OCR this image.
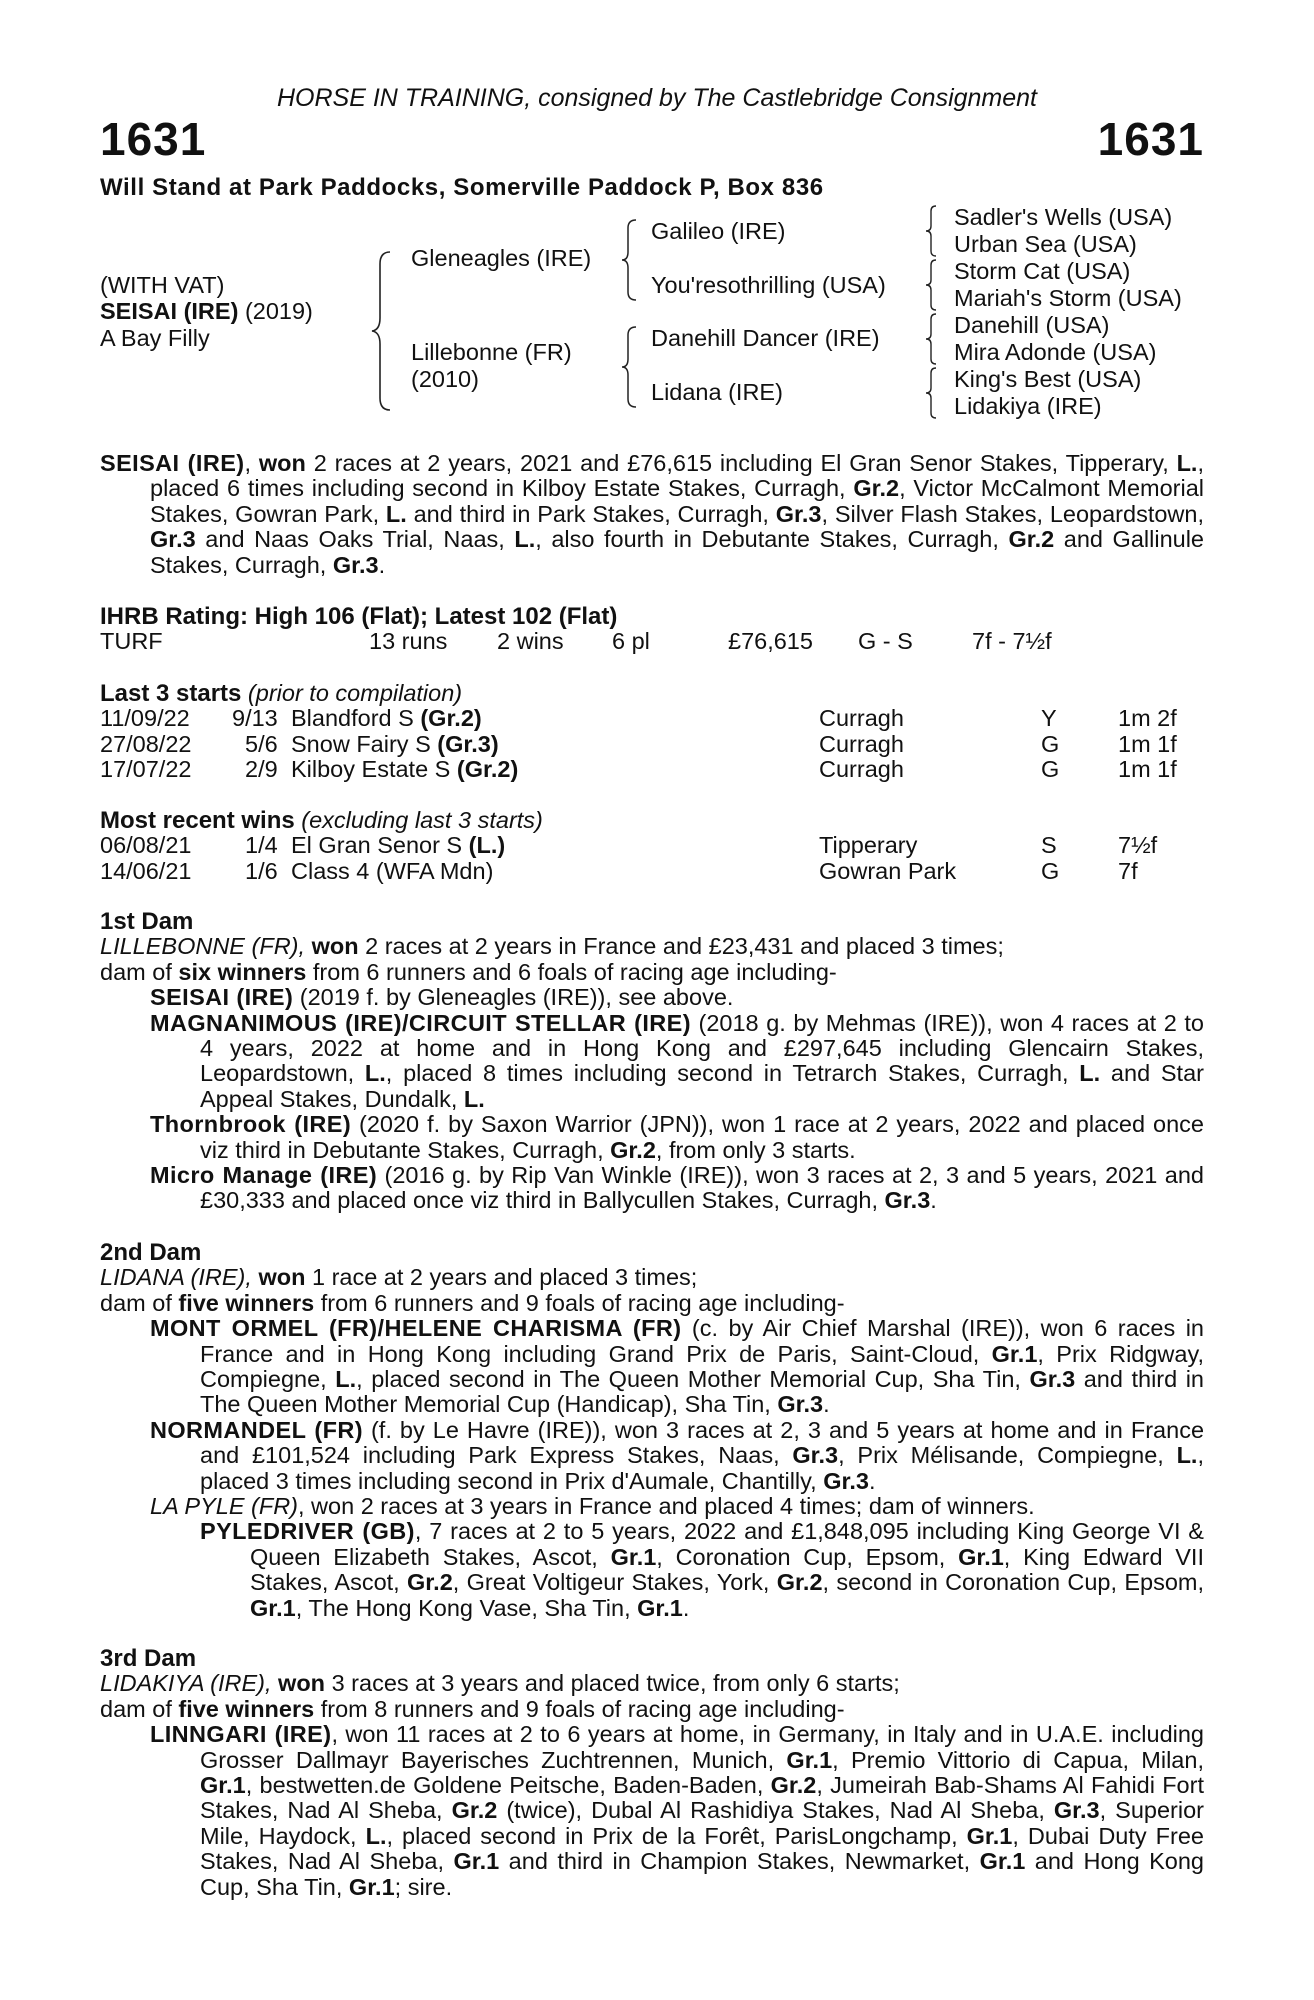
HORSE IN TRAINING, consigned by The Castlebridge Consignment
1631	1631
Will Stand at Park Paddocks, Somerville Paddock P, Box 836
(WITH VAT)
SEISAI (IRE) (2019)
A Bay Filly
Gleneagles (IRE)
Lillebonne (FR)
(2010)
Galileo (IRE)
You'resothrilling (USA)
Danehill Dancer (IRE)
Lidana (IRE)
Sadler's Wells (USA)
Urban Sea (USA)
Storm Cat (USA)
Mariah's Storm (USA)
Danehill (USA)
Mira Adonde (USA)
King's Best (USA)
Lidakiya (IRE)
SEISAI (IRE), won 2 races at 2 years, 2021 and £76,615 including El Gran Senor Stakes, Tipperary, L., placed 6 times including second in Kilboy Estate Stakes, Curragh, Gr.2, Victor McCalmont Memorial Stakes, Gowran Park, L. and third in Park Stakes, Curragh, Gr.3, Silver Flash Stakes, Leopardstown, Gr.3 and Naas Oaks Trial, Naas, L., also fourth in Debutante Stakes, Curragh, Gr.2 and Gallinule Stakes, Curragh, Gr.3.
IHRB Rating: High 106 (Flat); Latest 102 (Flat)
TURF	13 runs 2 wins 6 pl	£76,615 G - S	7f - 7½f
Last 3 starts (prior to compilation)
11/09/22 9/13 Blandford S (Gr.2)	Curragh	Y	1m 2f
27/08/22 5/6 Snow Fairy S (Gr.3)	Curragh	G 1m 1f
17/07/22 2/9 Kilboy Estate S (Gr.2)	Curragh	G 1m 1f
Most recent wins (excluding last 3 starts)
06/08/21 1/4 El Gran Senor S (L.)	Tipperary	S	7½f
14/06/21 1/6 Class 4 (WFA Mdn)	Gowran Park	G 7f
1st Dam
LILLEBONNE (FR), won 2 races at 2 years in France and £23,431 and placed 3 times;
dam of six winners from 6 runners and 6 foals of racing age including-
SEISAI (IRE) (2019 f. by Gleneagles (IRE)), see above.
MAGNANIMOUS (IRE)/CIRCUIT STELLAR (IRE) (2018 g. by Mehmas (IRE)), won 4 races at 2 to 4 years, 2022 at home and in Hong Kong and £297,645 including Glencairn Stakes, Leopardstown, L., placed 8 times including second in Tetrarch Stakes, Curragh, L. and Star Appeal Stakes, Dundalk, L.
Thornbrook (IRE) (2020 f. by Saxon Warrior (JPN)), won 1 race at 2 years, 2022 and placed once viz third in Debutante Stakes, Curragh, Gr.2, from only 3 starts.
Micro Manage (IRE) (2016 g. by Rip Van Winkle (IRE)), won 3 races at 2, 3 and 5 years, 2021 and £30,333 and placed once viz third in Ballycullen Stakes, Curragh, Gr.3.
2nd Dam
LIDANA (IRE), won 1 race at 2 years and placed 3 times;
dam of five winners from 6 runners and 9 foals of racing age including-
MONT ORMEL (FR)/HELENE CHARISMA (FR) (c. by Air Chief Marshal (IRE)), won 6 races in France and in Hong Kong including Grand Prix de Paris, Saint-Cloud, Gr.1, Prix Ridgway, Compiegne, L., placed second in The Queen Mother Memorial Cup, Sha Tin, Gr.3 and third in The Queen Mother Memorial Cup (Handicap), Sha Tin, Gr.3.
NORMANDEL (FR) (f. by Le Havre (IRE)), won 3 races at 2, 3 and 5 years at home and in France and £101,524 including Park Express Stakes, Naas, Gr.3, Prix Mélisande, Compiegne, L., placed 3 times including second in Prix d'Aumale, Chantilly, Gr.3.
LA PYLE (FR), won 2 races at 3 years in France and placed 4 times; dam of winners.
PYLEDRIVER (GB), 7 races at 2 to 5 years, 2022 and £1,848,095 including King George VI & Queen Elizabeth Stakes, Ascot, Gr.1, Coronation Cup, Epsom, Gr.1, King Edward VII Stakes, Ascot, Gr.2, Great Voltigeur Stakes, York, Gr.2, second in Coronation Cup, Epsom, Gr.1, The Hong Kong Vase, Sha Tin, Gr.1.
3rd Dam
LIDAKIYA (IRE), won 3 races at 3 years and placed twice, from only 6 starts;
dam of five winners from 8 runners and 9 foals of racing age including-
LINNGARI (IRE), won 11 races at 2 to 6 years at home, in Germany, in Italy and in U.A.E. including Grosser Dallmayr Bayerisches Zuchtrennen, Munich, Gr.1, Premio Vittorio di Capua, Milan, Gr.1, bestwetten.de Goldene Peitsche, Baden-Baden, Gr.2, Jumeirah Bab-Shams Al Fahidi Fort Stakes, Nad Al Sheba, Gr.2 (twice), Dubal Al Rashidiya Stakes, Nad Al Sheba, Gr.3, Superior Mile, Haydock, L., placed second in Prix de la Forêt, ParisLongchamp, Gr.1, Dubai Duty Free Stakes, Nad Al Sheba, Gr.1 and third in Champion Stakes, Newmarket, Gr.1 and Hong Kong Cup, Sha Tin, Gr.1; sire.
